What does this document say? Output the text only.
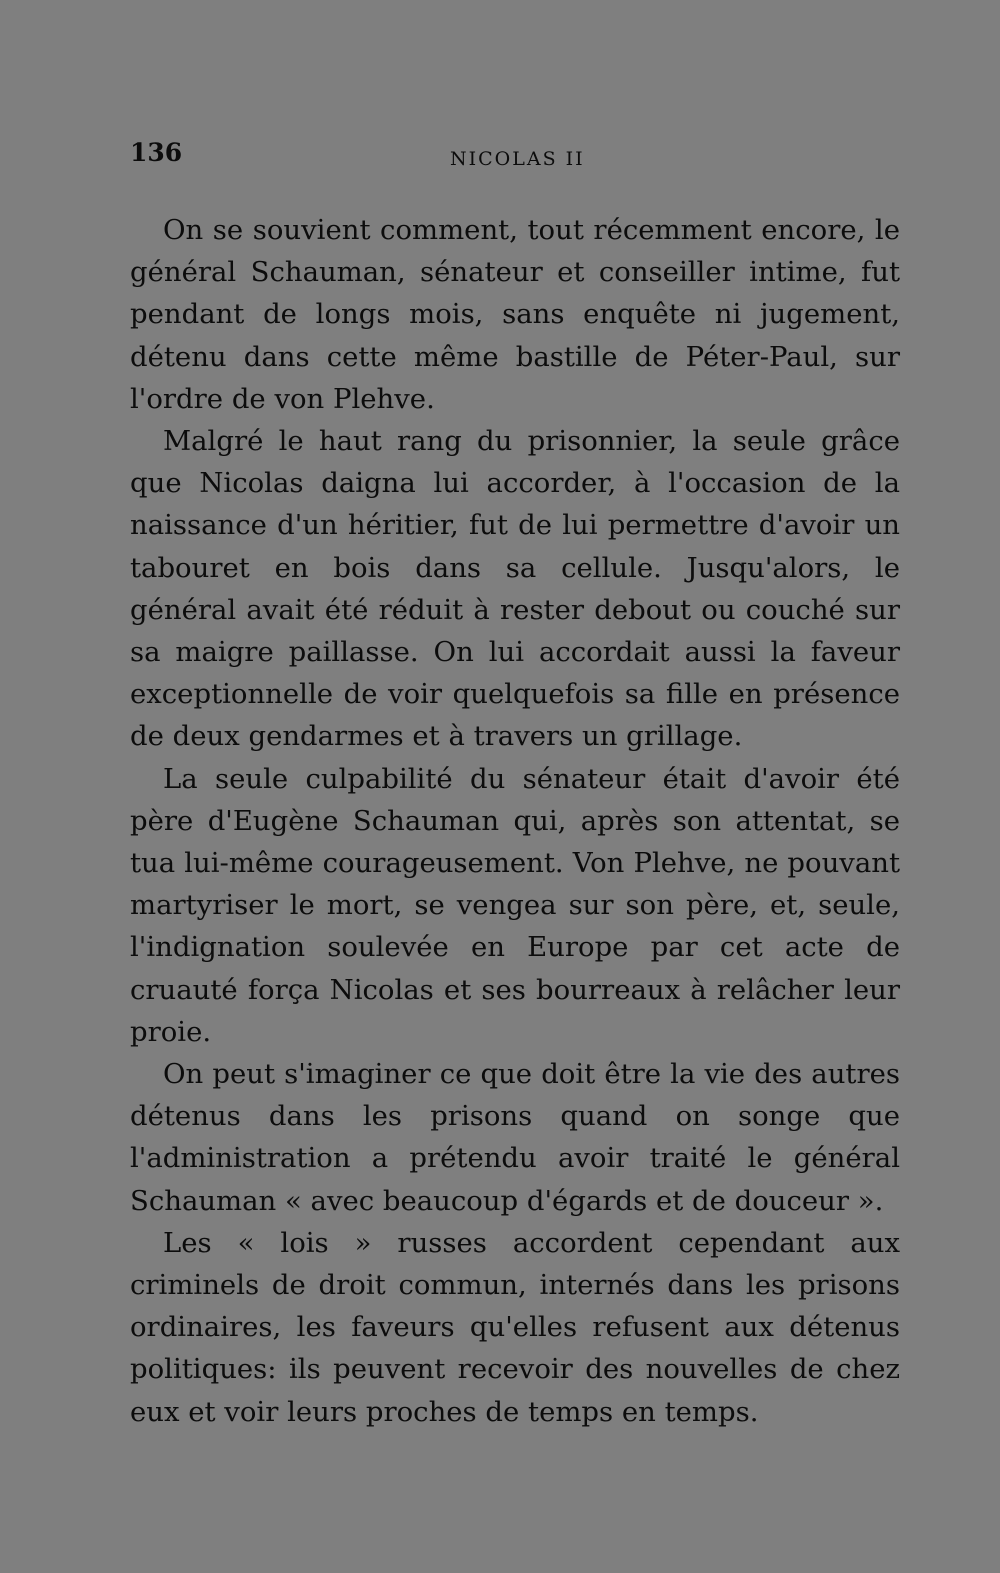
136	NICOLAS II

On se souvient comment, tout récemment encore, le général Schauman, sénateur et conseiller intime, fut pendant de longs mois, sans enquête ni jugement, détenu dans cette même bastille de Péter-Paul, sur l'ordre de von Plehve.

Malgré le haut rang du prisonnier, la seule grâce que Nicolas daigna lui accorder, à l'occasion de la naissance d'un héritier, fut de lui permettre d'avoir un tabouret en bois dans sa cellule. Jusqu'alors, le général avait été réduit à rester debout ou couché sur sa maigre paillasse. On lui accordait aussi la faveur exceptionnelle de voir quelquefois sa fille en présence de deux gendarmes et à travers un grillage.

La seule culpabilité du sénateur était d'avoir été père d'Eugène Schauman qui, après son attentat, se tua lui-même courageusement. Von Plehve, ne pouvant martyriser le mort, se vengea sur son père, et, seule, l'indignation soulevée en Europe par cet acte de cruauté força Nicolas et ses bourreaux à relâcher leur proie.

On peut s'imaginer ce que doit être la vie des autres détenus dans les prisons quand on songe que l'administration a prétendu avoir traité le général Schauman « avec beaucoup d'égards et de douceur ».

Les « lois » russes accordent cependant aux criminels de droit commun, internés dans les prisons ordinaires, les faveurs qu'elles refusent aux détenus politiques: ils peuvent recevoir des nouvelles de chez eux et voir leurs proches de temps en temps.
